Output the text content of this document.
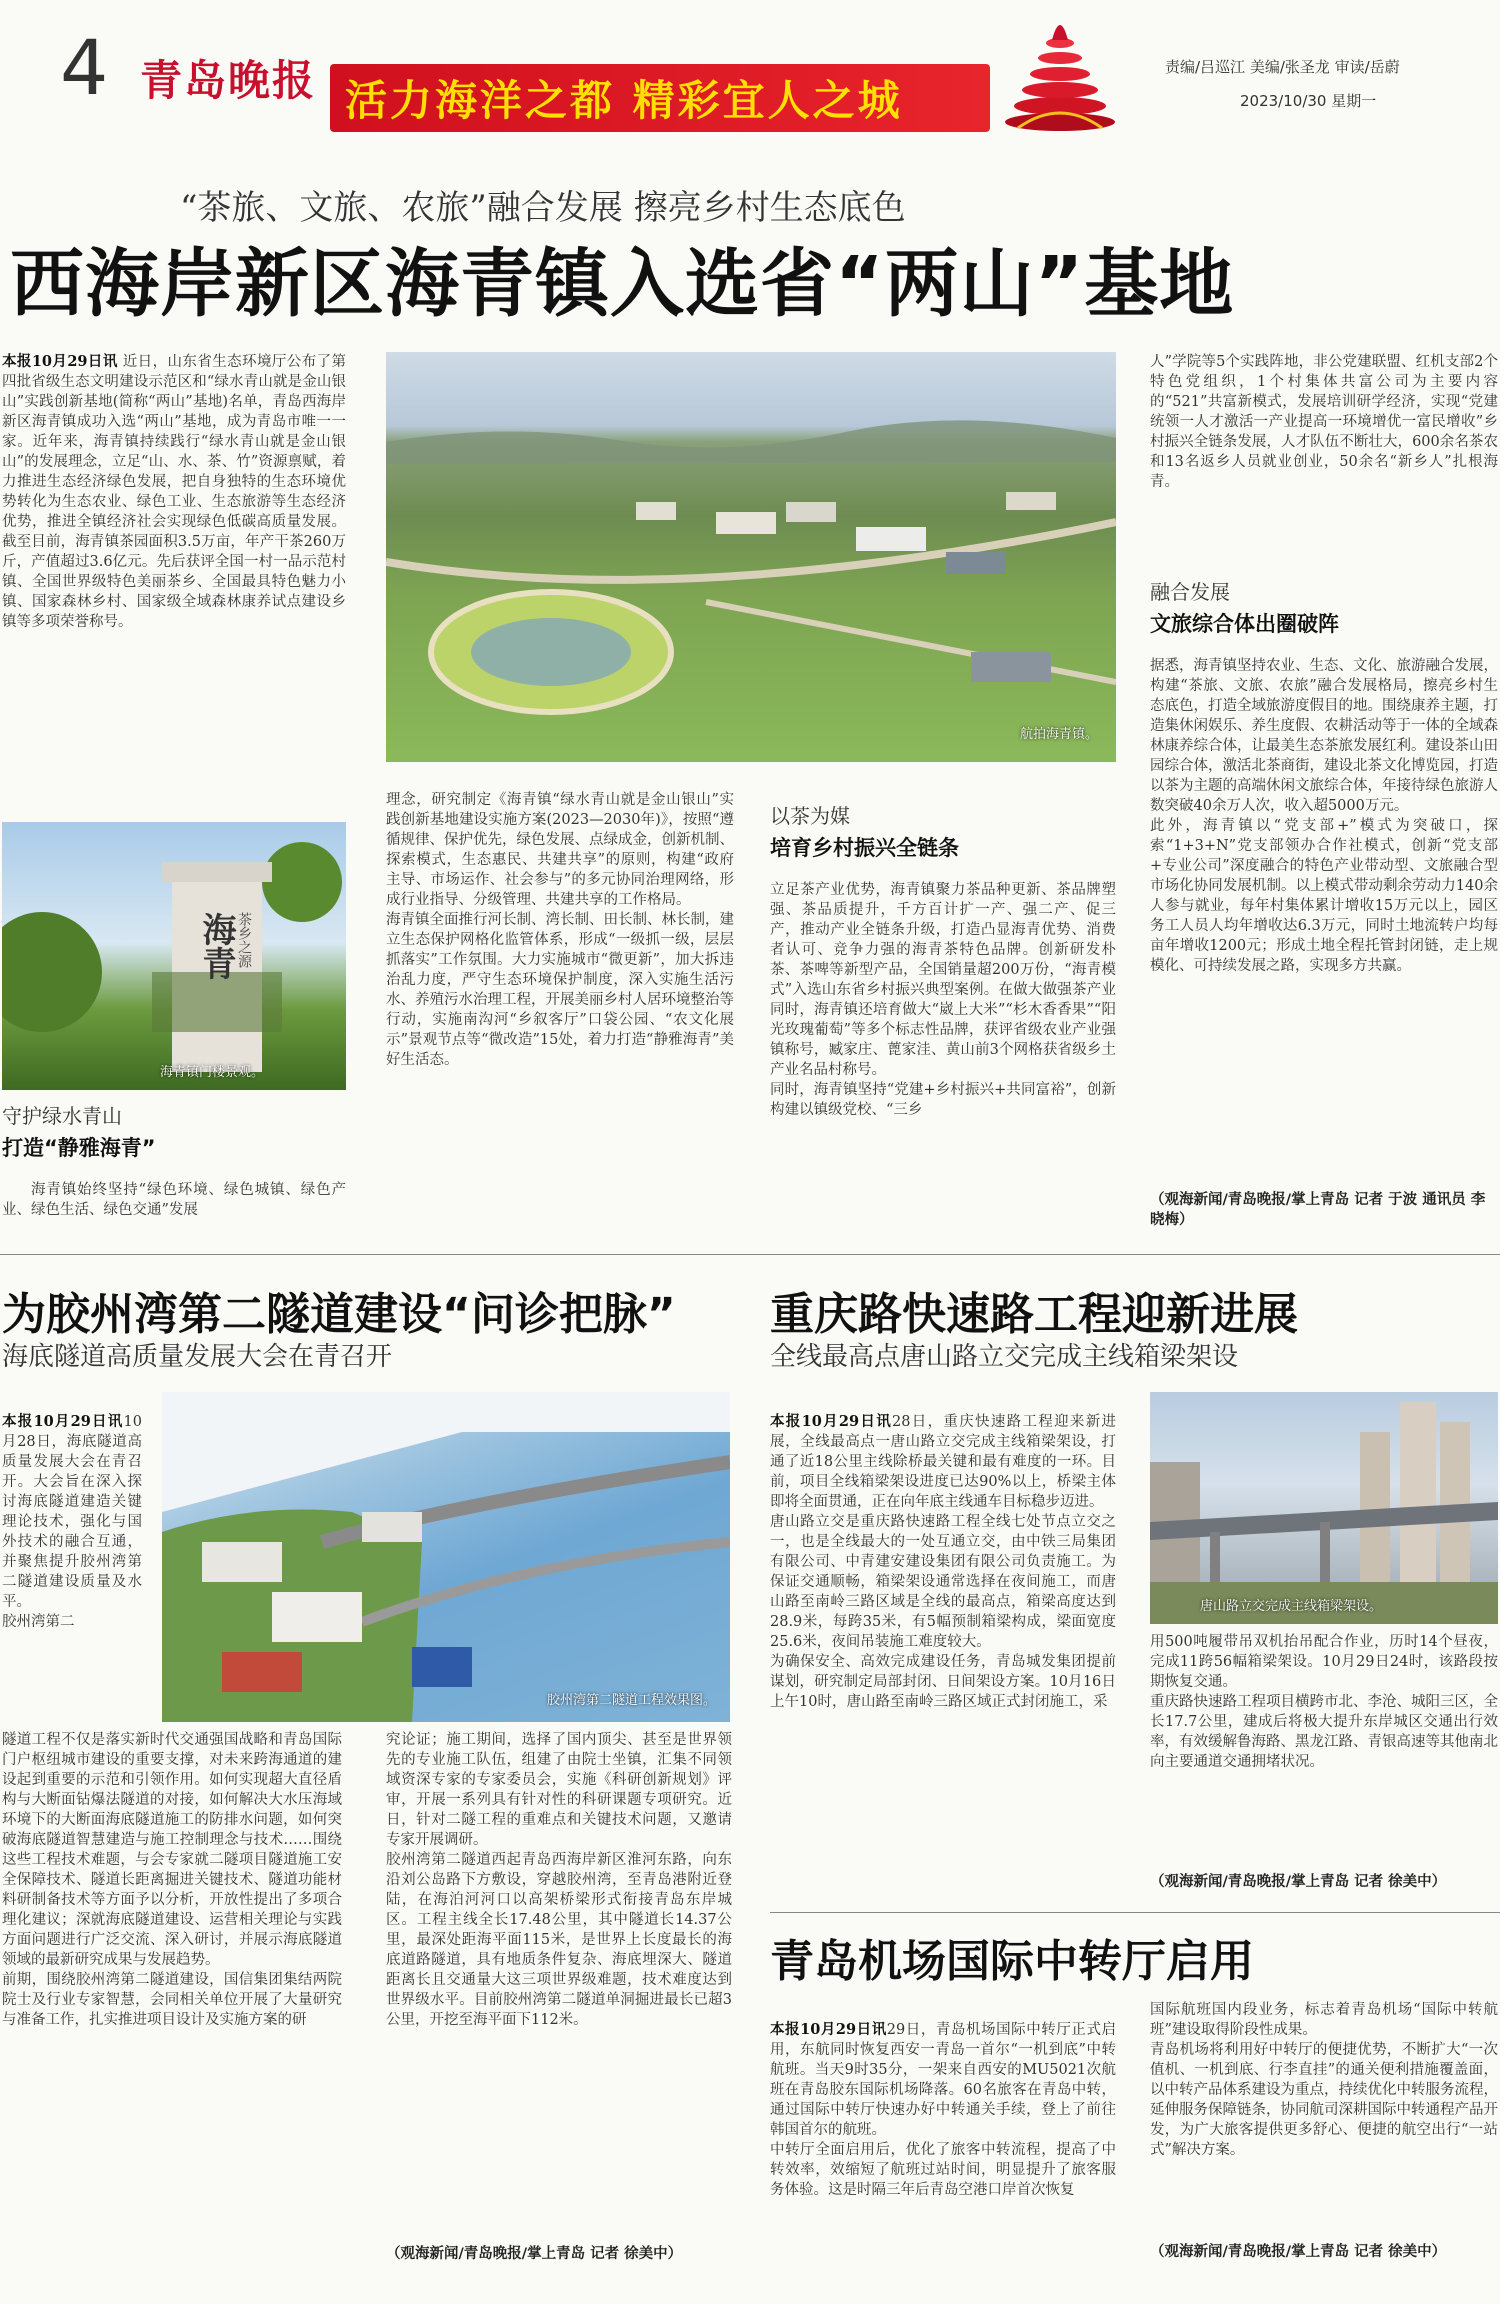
4 青岛晚报 活力海洋之都 精彩宜人之城
责编/吕巡江 美编/张圣龙 审读/岳蔚
2023/10/30 星期一
“茶旅、文旅、农旅”融合发展 擦亮乡村生态底色
西海岸新区海青镇入选省“两山”基地
本报10月29日讯 近日，山东省生态环境厅公布了第四批省级生态文明建设示范区和“绿水青山就是金山银山”实践创新基地(简称“两山”基地)名单，青岛西海岸新区海青镇成功入选“两山”基地，成为青岛市唯一一家。近年来，海青镇持续践行“绿水青山就是金山银山”的发展理念，立足“山、水、茶、竹”资源禀赋，着力推进生态经济绿色发展，把自身独特的生态环境优势转化为生态农业、绿色工业、生态旅游等生态经济优势，推进全镇经济社会实现绿色低碳高质量发展。截至目前，海青镇茶园面积3.5万亩，年产干茶260万斤，产值超过3.6亿元。先后获评全国一村一品示范村镇、全国世界级特色美丽茶乡、全国最具特色魅力小镇、国家森林乡村、国家级全域森林康养试点建设乡镇等多项荣誉称号。
航拍海青镇。
海青 茶乡之源
海青镇门楼景观。
守护绿水青山
打造“静雅海青”
海青镇始终坚持“绿色环境、绿色城镇、绿色产业、绿色生活、绿色交通”发展
理念，研究制定《海青镇“绿水青山就是金山银山”实践创新基地建设实施方案(2023—2030年)》，按照“遵循规律、保护优先，绿色发展、点绿成金，创新机制、探索模式，生态惠民、共建共享”的原则，构建“政府主导、市场运作、社会参与”的多元协同治理网络，形成行业指导、分级管理、共建共享的工作格局。
海青镇全面推行河长制、湾长制、田长制、林长制，建立生态保护网格化监管体系，形成“一级抓一级，层层抓落实”工作氛围。大力实施城市“微更新”，加大拆违治乱力度，严守生态环境保护制度，深入实施生活污水、养殖污水治理工程，开展美丽乡村人居环境整治等行动，实施南沟河“乡叙客厅”口袋公园、“农文化展示”景观节点等“微改造”15处，着力打造“静雅海青”美好生活态。
以茶为媒
培育乡村振兴全链条
立足茶产业优势，海青镇聚力茶品种更新、茶品牌塑强、茶品质提升，千方百计扩一产、强二产、促三产，推动产业全链条升级，打造凸显海青优势、消费者认可、竞争力强的海青茶特色品牌。创新研发朴茶、茶啤等新型产品，全国销量超200万份，“海青模式”入选山东省乡村振兴典型案例。在做大做强茶产业同时，海青镇还培育做大“崴上大米”“杉木香香果”“阳光玫瑰葡萄”等多个标志性品牌，获评省级农业产业强镇称号，臧家庄、蓖家洼、黄山前3个网格获省级乡土产业名品村称号。
同时，海青镇坚持“党建+乡村振兴+共同富裕”，创新构建以镇级党校、“三乡
人”学院等5个实践阵地，非公党建联盟、红机支部2个特色党组织，1个村集体共富公司为主要内容的“521”共富新模式，发展培训研学经济，实现“党建统领一人才激活一产业提高一环境增优一富民增收”乡村振兴全链条发展，人才队伍不断壮大，600余名茶农和13名返乡人员就业创业，50余名“新乡人”扎根海青。
融合发展
文旅综合体出圈破阵
据悉，海青镇坚持农业、生态、文化、旅游融合发展，构建“茶旅、文旅、农旅”融合发展格局，擦亮乡村生态底色，打造全域旅游度假目的地。围绕康养主题，打造集休闲娱乐、养生度假、农耕活动等于一体的全域森林康养综合体，让最美生态茶旅发展红利。建设茶山田园综合体，激活北茶商街，建设北茶文化博览园，打造以茶为主题的高端休闲文旅综合体，年接待绿色旅游人数突破40余万人次，收入超5000万元。
此外，海青镇以“党支部+”模式为突破口，探索“1+3+N”党支部领办合作社模式，创新“党支部+专业公司”深度融合的特色产业带动型、文旅融合型市场化协同发展机制。以上模式带动剩余劳动力140余人参与就业，每年村集体累计增收15万元以上，园区务工人员人均年增收达6.3万元，同时土地流转户均每亩年增收1200元；形成土地全程托管封闭链，走上规模化、可持续发展之路，实现多方共赢。
（观海新闻/青岛晚报/掌上青岛 记者 于波 通讯员 李晓梅）
为胶州湾第二隧道建设“问诊把脉”
海底隧道高质量发展大会在青召开

本报10月29日讯10月28日，海底隧道高质量发展大会在青召开。大会旨在深入探讨海底隧道建造关键理论技术，强化与国外技术的融合互通，并聚焦提升胶州湾第二隧道建设质量及水平。
胶州湾第二

胶州湾第二隧道工程效果图。
隧道工程不仅是落实新时代交通强国战略和青岛国际门户枢纽城市建设的重要支撑，对未来跨海通道的建设起到重要的示范和引领作用。如何实现超大直径盾构与大断面钻爆法隧道的对接，如何解决大水压海域环境下的大断面海底隧道施工的防排水问题，如何突破海底隧道智慧建造与施工控制理念与技术……围绕这些工程技术难题，与会专家就二隧项目隧道施工安全保障技术、隧道长距离掘进关键技术、隧道功能材料研制备技术等方面予以分析，开放性提出了多项合理化建议；深就海底隧道建设、运营相关理论与实践方面问题进行广泛交流、深入研讨，并展示海底隧道领域的最新研究成果与发展趋势。
前期，围绕胶州湾第二隧道建设，国信集团集结两院院士及行业专家智慧，会同相关单位开展了大量研究与准备工作，扎实推进项目设计及实施方案的研
究论证；施工期间，选择了国内顶尖、甚至是世界领先的专业施工队伍，组建了由院士坐镇，汇集不同领域资深专家的专家委员会，实施《科研创新规划》评审，开展一系列具有针对性的科研课题专项研究。近日，针对二隧工程的重难点和关键技术问题，又邀请专家开展调研。
胶州湾第二隧道西起青岛西海岸新区淮河东路，向东沿刘公岛路下方敷设，穿越胶州湾，至青岛港附近登陆，在海泊河河口以高架桥梁形式衔接青岛东岸城区。工程主线全长17.48公里，其中隧道长14.37公里，最深处距海平面115米，是世界上长度最长的海底道路隧道，具有地质条件复杂、海底埋深大、隧道距离长且交通量大这三项世界级难题，技术难度达到世界级水平。目前胶州湾第二隧道单洞掘进最长已超3公里，开挖至海平面下112米。
（观海新闻/青岛晚报/掌上青岛 记者 徐美中）
重庆路快速路工程迎新进展
全线最高点唐山路立交完成主线箱梁架设

本报10月29日讯28日，重庆快速路工程迎来新进展，全线最高点一唐山路立交完成主线箱梁架设，打通了近18公里主线除桥最关键和最有难度的一环。目前，项目全线箱梁架设进度已达90%以上，桥梁主体即将全面贯通，正在向年底主线通车目标稳步迈进。
唐山路立交是重庆路快速路工程全线七处节点立交之一，也是全线最大的一处互通立交，由中铁三局集团有限公司、中青建安建设集团有限公司负责施工。为保证交通顺畅，箱梁架设通常选择在夜间施工，而唐山路至南岭三路区域是全线的最高点，箱梁高度达到28.9米，每跨35米，有5幅预制箱梁构成，梁面宽度25.6米，夜间吊装施工难度较大。
为确保安全、高效完成建设任务，青岛城发集团提前谋划，研究制定局部封闭、日间架设方案。10月16日上午10时，唐山路至南岭三路区域正式封闭施工，采

唐山路立交完成主线箱梁架设。
用500吨履带吊双机抬吊配合作业，历时14个昼夜，完成11跨56幅箱梁架设。10月29日24时，该路段按期恢复交通。
重庆路快速路工程项目横跨市北、李沧、城阳三区，全长17.7公里，建成后将极大提升东岸城区交通出行效率，有效缓解鲁海路、黑龙江路、青银高速等其他南北向主要通道交通拥堵状况。
（观海新闻/青岛晚报/掌上青岛 记者 徐美中）
青岛机场国际中转厅启用

本报10月29日讯29日，青岛机场国际中转厅正式启用，东航同时恢复西安一青岛一首尔“一机到底”中转航班。当天9时35分，一架来自西安的MU5021次航班在青岛胶东国际机场降落。60名旅客在青岛中转，通过国际中转厅快速办好中转通关手续，登上了前往韩国首尔的航班。
中转厅全面启用后，优化了旅客中转流程，提高了中转效率，效缩短了航班过站时间，明显提升了旅客服务体验。这是时隔三年后青岛空港口岸首次恢复

国际航班国内段业务，标志着青岛机场“国际中转航班”建设取得阶段性成果。
青岛机场将利用好中转厅的便捷优势，不断扩大“一次值机、一机到底、行李直挂”的通关便利措施覆盖面，以中转产品体系建设为重点，持续优化中转服务流程，延伸服务保障链条，协同航司深耕国际中转通程产品开发，为广大旅客提供更多舒心、便捷的航空出行“一站式”解决方案。
（观海新闻/青岛晚报/掌上青岛 记者 徐美中）
